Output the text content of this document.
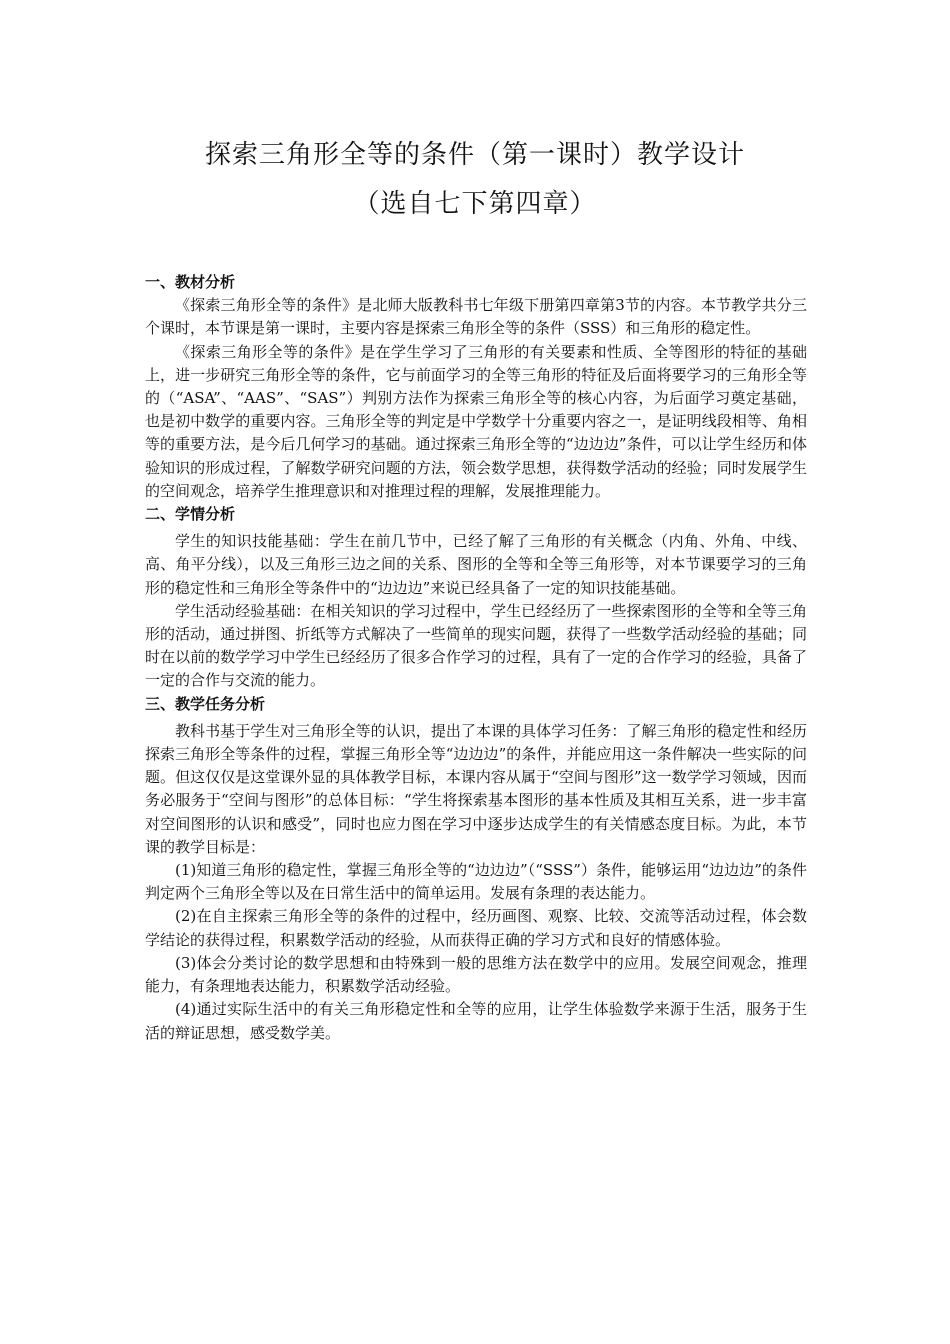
探索三角形全等的条件（第一课时）教学设计
（选自七下第四章）

一、教材分析

《探索三角形全等的条件》是北师大版教科书七年级下册第四章第3节的内容。本节教学共分三个课时，本节课是第一课时，主要内容是探索三角形全等的条件（SSS）和三角形的稳定性。

《探索三角形全等的条件》是在学生学习了三角形的有关要素和性质、全等图形的特征的基础上，进一步研究三角形全等的条件，它与前面学习的全等三角形的特征及后面将要学习的三角形全等的（“ASA”、“AAS”、“SAS”）判别方法作为探索三角形全等的核心内容，为后面学习奠定基础，也是初中数学的重要内容。三角形全等的判定是中学数学十分重要内容之一，是证明线段相等、角相等的重要方法，是今后几何学习的基础。通过探索三角形全等的“边边边”条件，可以让学生经历和体验知识的形成过程，了解数学研究问题的方法，领会数学思想，获得数学活动的经验；同时发展学生的空间观念，培养学生推理意识和对推理过程的理解，发展推理能力。

二、学情分析

学生的知识技能基础：学生在前几节中，已经了解了三角形的有关概念（内角、外角、中线、高、角平分线），以及三角形三边之间的关系、图形的全等和全等三角形等，对本节课要学习的三角形的稳定性和三角形全等条件中的“边边边”来说已经具备了一定的知识技能基础。

学生活动经验基础：在相关知识的学习过程中，学生已经经历了一些探索图形的全等和全等三角形的活动，通过拼图、折纸等方式解决了一些简单的现实问题，获得了一些数学活动经验的基础；同时在以前的数学学习中学生已经经历了很多合作学习的过程，具有了一定的合作学习的经验，具备了一定的合作与交流的能力。

三、教学任务分析

教科书基于学生对三角形全等的认识，提出了本课的具体学习任务：了解三角形的稳定性和经历探索三角形全等条件的过程，掌握三角形全等“边边边”的条件，并能应用这一条件解决一些实际的问题。但这仅仅是这堂课外显的具体教学目标，本课内容从属于“空间与图形”这一数学学习领域，因而务必服务于“空间与图形”的总体目标：“学生将探索基本图形的基本性质及其相互关系，进一步丰富对空间图形的认识和感受”，同时也应力图在学习中逐步达成学生的有关情感态度目标。为此，本节课的教学目标是：

(1)知道三角形的稳定性，掌握三角形全等的“边边边”（“SSS”）条件，能够运用“边边边”的条件判定两个三角形全等以及在日常生活中的简单运用。发展有条理的表达能力。

(2)在自主探索三角形全等的条件的过程中，经历画图、观察、比较、交流等活动过程，体会数学结论的获得过程，积累数学活动的经验，从而获得正确的学习方式和良好的情感体验。

(3)体会分类讨论的数学思想和由特殊到一般的思维方法在数学中的应用。发展空间观念，推理能力，有条理地表达能力，积累数学活动经验。

(4)通过实际生活中的有关三角形稳定性和全等的应用，让学生体验数学来源于生活，服务于生活的辩证思想，感受数学美。
